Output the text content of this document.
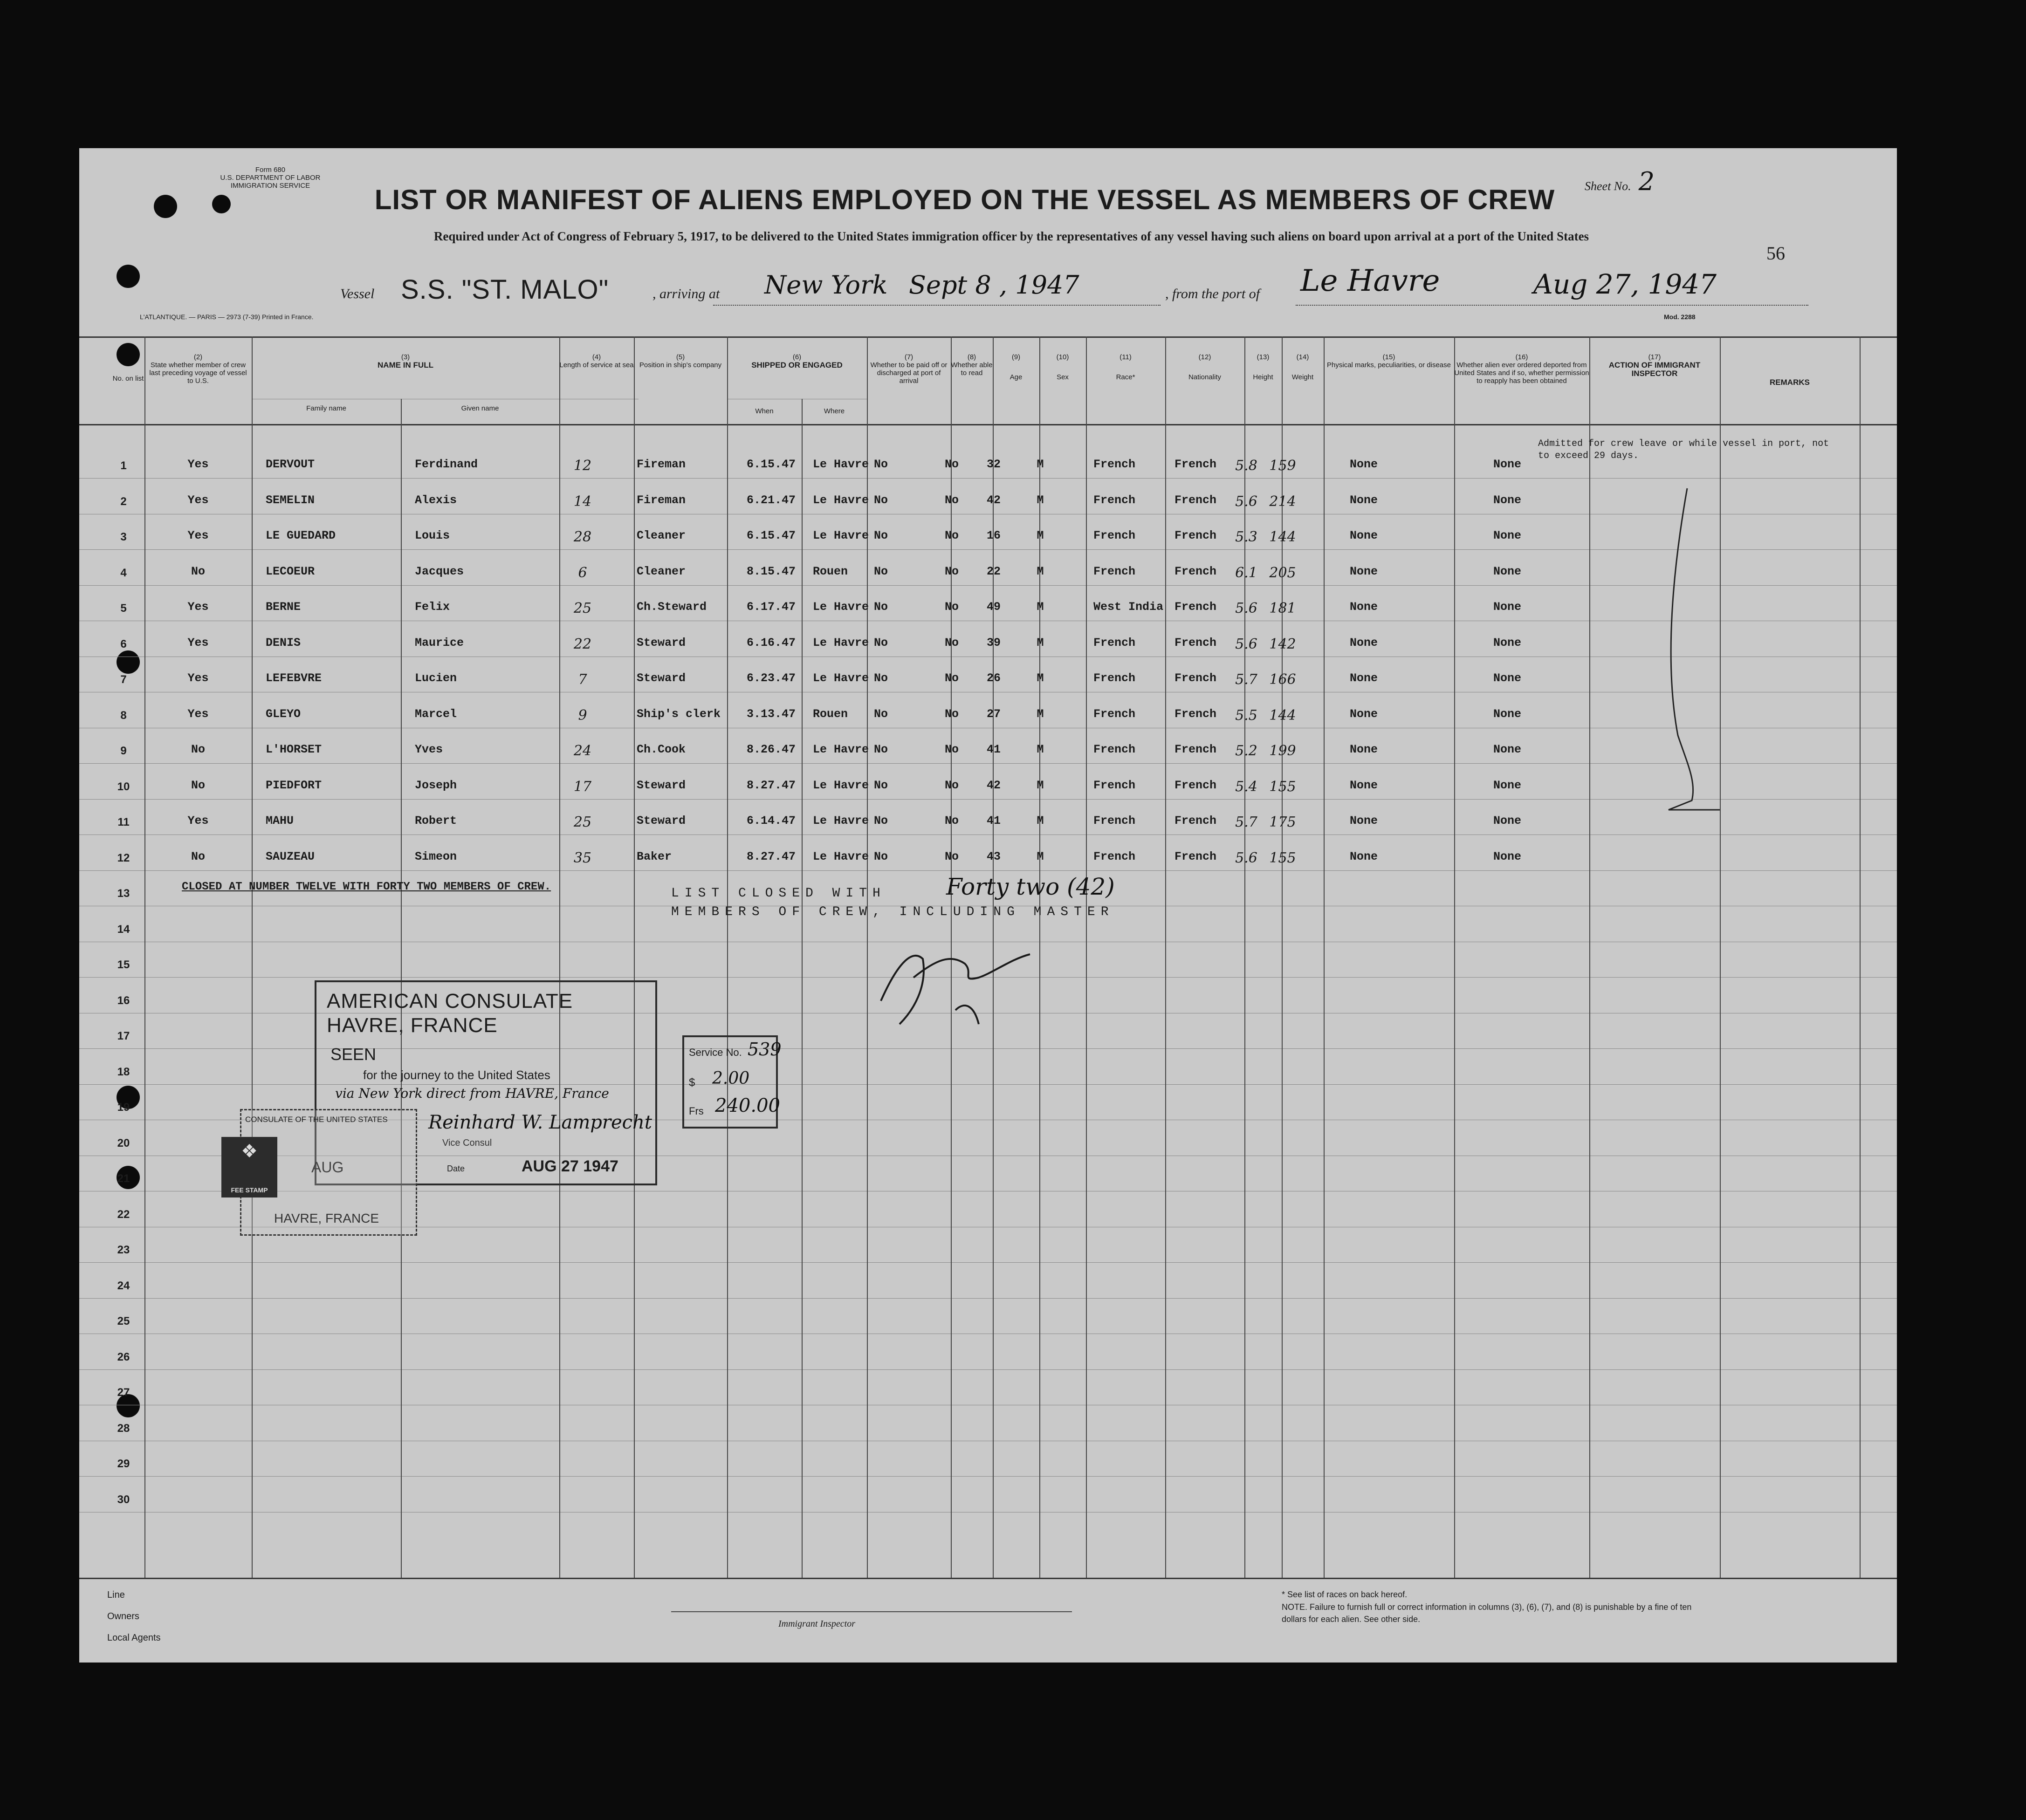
Form 680
U.S. DEPARTMENT OF LABOR
IMMIGRATION SERVICE	Sheet No. 2
LIST OR MANIFEST OF ALIENS EMPLOYED ON THE VESSEL AS MEMBERS OF CREW
Required under Act of Congress of February 5, 1917, to be delivered to the United States immigration officer by the representatives of any vessel having such aliens on board upon arrival at a port of the United States
56
Vessel S.S. "ST. MALO"	, arriving at New York Sept 8 , 1947	, from the port of Le Havre	Aug 27, 1947
L'ATLANTIQUE. — PARIS — 2973 (7-39) Printed in France.	Mod. 2288
No. on list
(2)
State whether member of crew last preceding voyage of vessel to U.S.
(3)
NAME IN FULL
Family name	Given name
(4)
Length of service at sea
(5)
Position in ship's company
(6)
SHIPPED OR ENGAGED
When	Where
(7)
Whether to be paid off or discharged at port of arrival
(9)
Age
(8)
Whether able to read
(10)
Sex
(11)
Race*
(12)
Nationality
(13)
Height
(14)
Weight
(15)
Physical marks, peculiarities, or disease
(16)
Whether alien ever ordered deported from United States and if so, whether permission to reapply has been obtained
(17)
ACTION OF IMMIGRANT INSPECTOR
REMARKS
1	Yes	DERVOUT	Ferdinand	12	Fireman	6.15.47 Le Havre No	No	32	M	French	French	5.8 159	None	None
2	Yes	SEMELIN	Alexis	14	Fireman	6.21.47 Le Havre No	No	42	M	French	French	5.6 214	None	None
3	Yes	LE GUEDARD	Louis	28	Cleaner	6.15.47 Le Havre No	No	16	M	French	French	5.3 144	None	None
4	No	LECOEUR	Jacques	6	Cleaner	8.15.47 Rouen	No	No	22	M	French	French	6.1 205	None	None
5	Yes	BERNE	Felix	25	Ch.Steward	6.17.47 Le Havre No	No	49	M	West India French	5.6 181	None	None
6	Yes	DENIS	Maurice	22	Steward	6.16.47 Le Havre No	No	39	M	French	French	5.6 142	None	None
7	Yes	LEFEBVRE	Lucien	7	Steward	6.23.47 Le Havre No	No	26	M	French	French	5.7 166	None	None
8	Yes	GLEYO	Marcel	9	Ship's clerk 3.13.47 Rouen	No	No	27	M	French	French	5.5 144	None	None
9	No	L'HORSET	Yves	24	Ch.Cook	8.26.47 Le Havre No	No	41	M	French	French	5.2 199	None	None
10	No	PIEDFORT	Joseph	17	Steward	8.27.47 Le Havre No	No	42	M	French	French	5.4 155	None	None
11	Yes	MAHU	Robert	25	Steward	6.14.47 Le Havre No	No	41	M	French	French	5.7 175	None	None
12	No	SAUZEAU	Simeon	35	Baker	8.27.47 Le Havre No	No	43	M	French	French	5.6 155	None	None
13
14
15
16
17
18
19
20
21
22
23
24
25
26
27
28
29
30
CLOSED AT NUMBER TWELVE WITH FORTY TWO MEMBERS OF CREW.
Admitted for crew leave or while vessel in port, not to exceed 29 days.
LIST CLOSED WITH
MEMBERS OF CREW, INCLUDING MASTER
Forty two (42)
AMERICAN CONSULATE
HAVRE, FRANCE
SEEN
for the journey to the United States
via New York direct from HAVRE, France
Reinhard W. Lamprecht
Vice Consul
Date	AUG 27 1947
Service No. 539
$ 2.00
Frs 240.00
CONSULATE OF THE UNITED STATES
AUG
HAVRE, FRANCE
❖
FEE STAMP
Line
Owners
Local Agents
Immigrant Inspector
* See list of races on back hereof.
NOTE. Failure to furnish full or correct information in columns (3), (6), (7), and (8) is punishable by a fine of ten dollars for each alien. See other side.
